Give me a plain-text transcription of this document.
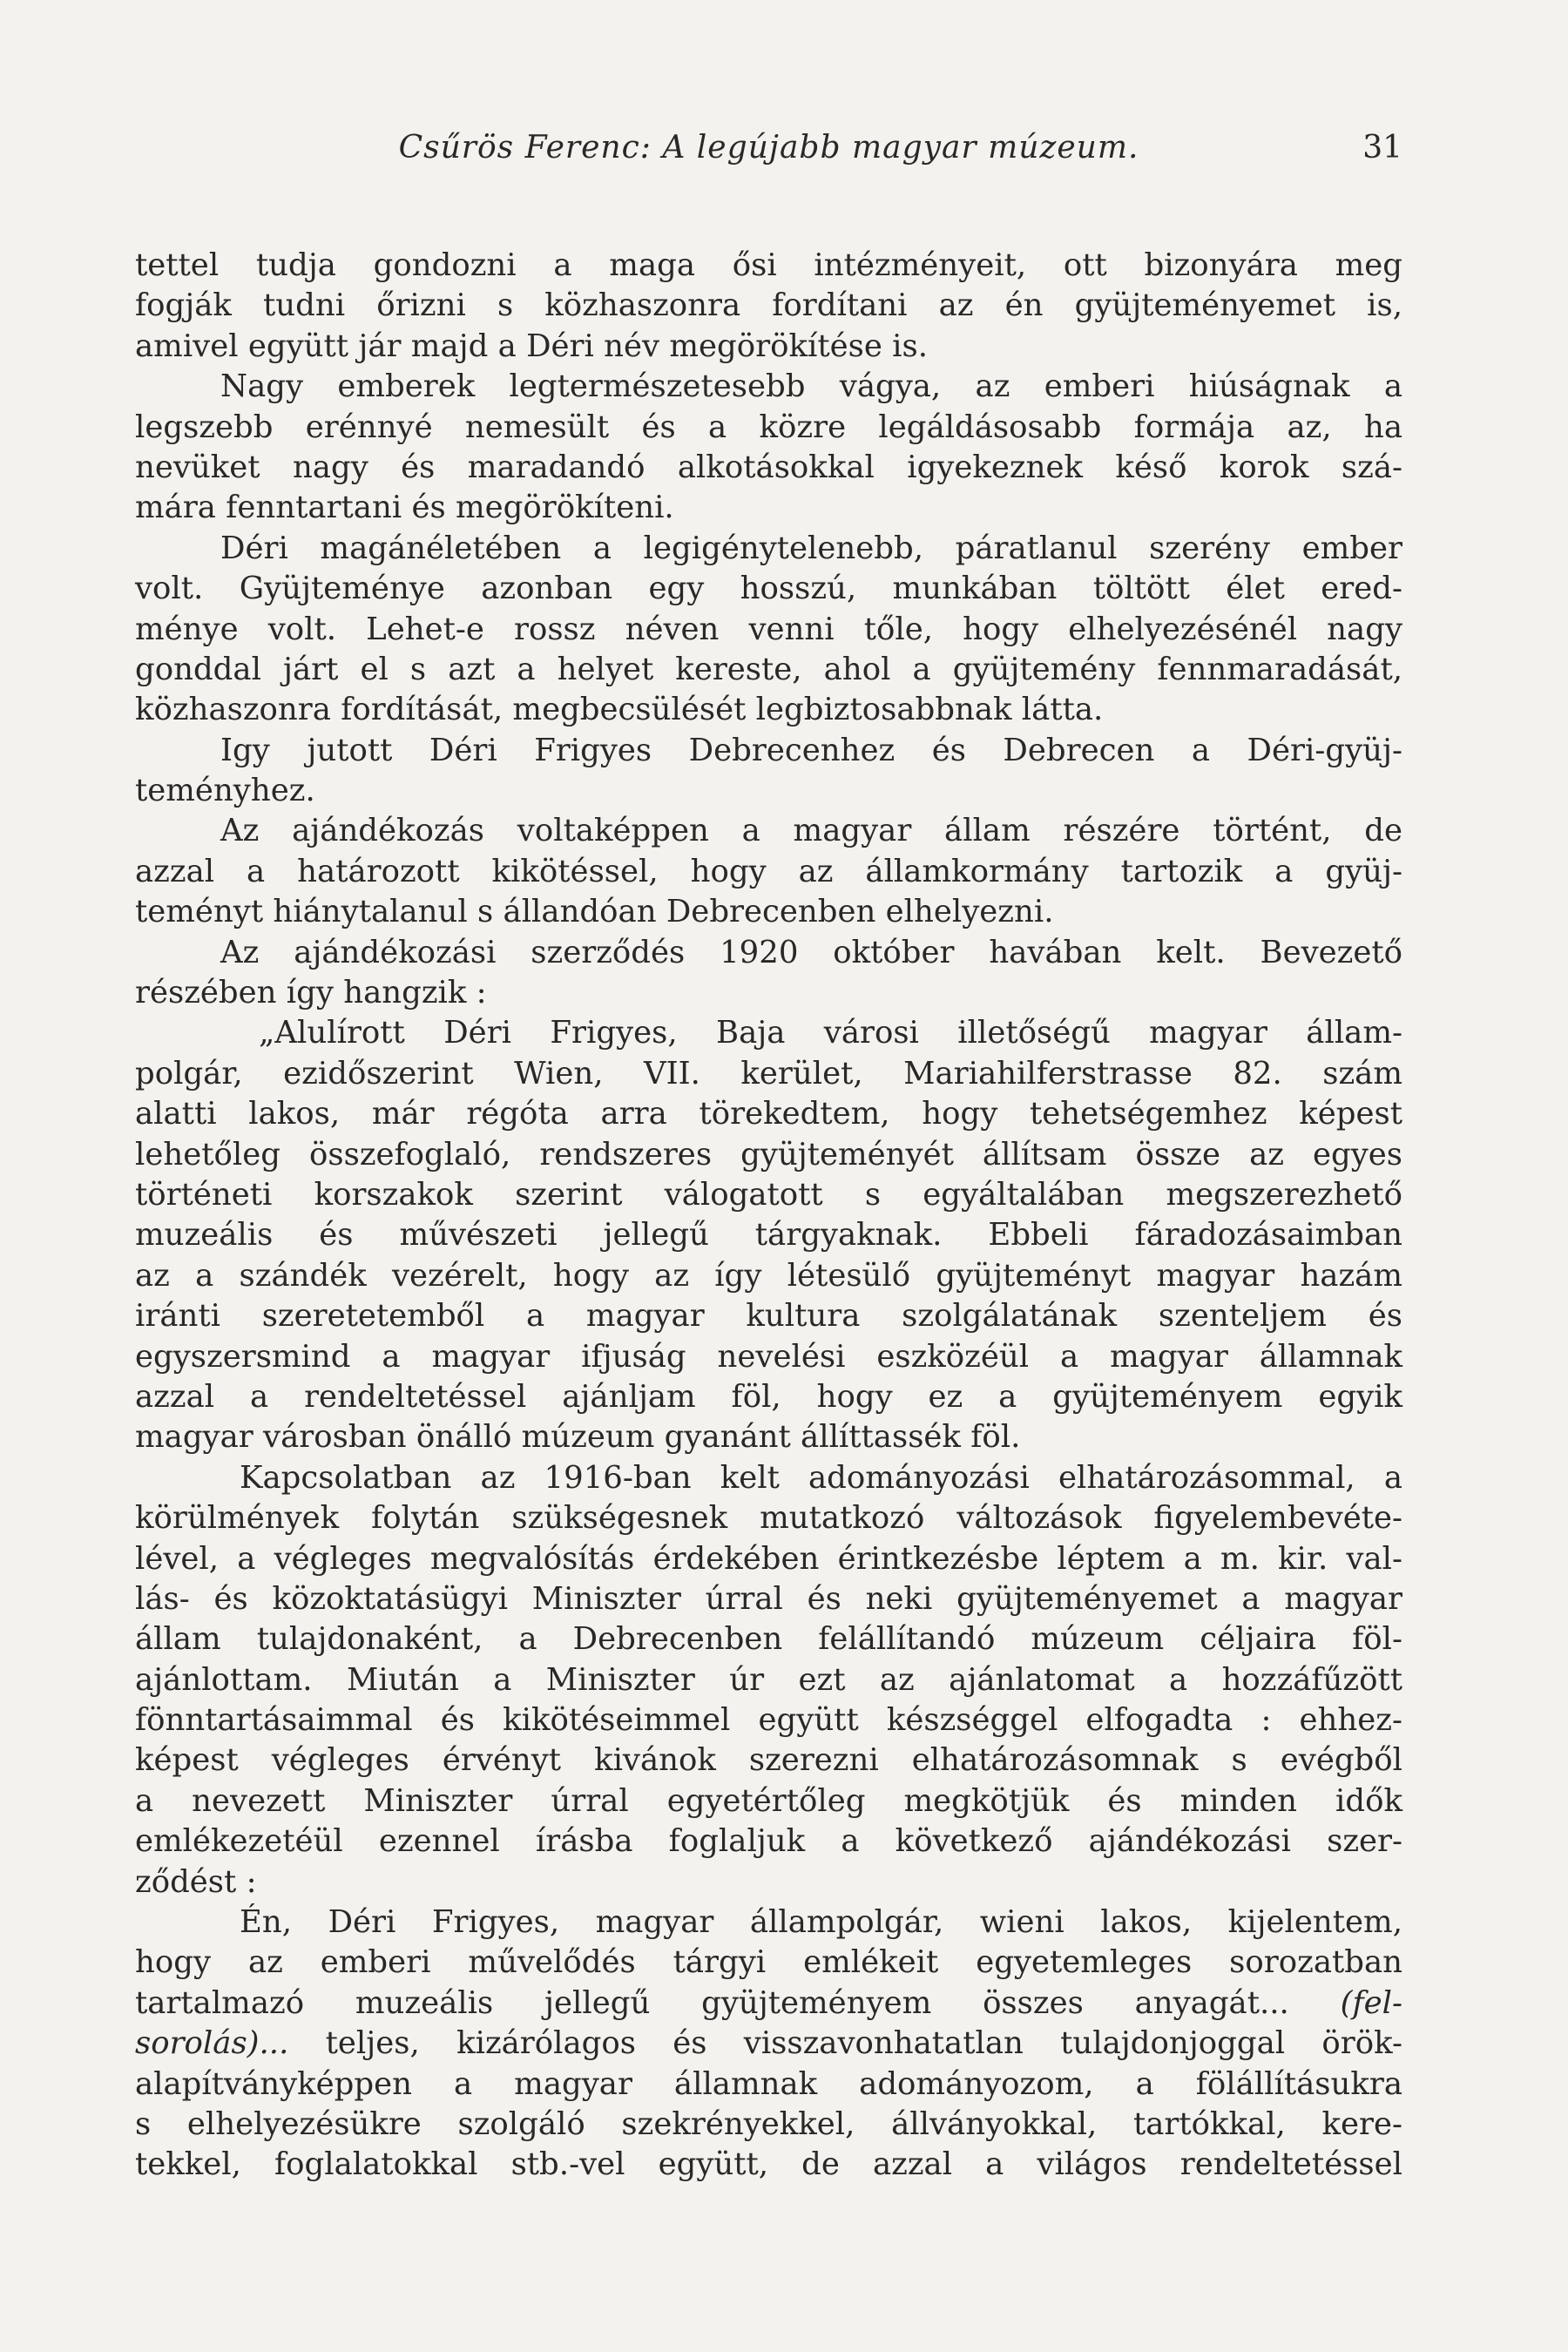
Csűrös Ferenc: A legújabb magyar múzeum.	31
tettel tudja gondozni a maga ősi intézményeit, ott bizonyára meg
fogják tudni őrizni s közhaszonra fordítani az én gyüjteményemet is,
amivel együtt jár majd a Déri név megörökítése is.
Nagy emberek legtermészetesebb vágya, az emberi hiúságnak a
legszebb erénnyé nemesült és a közre legáldásosabb formája az, ha
nevüket nagy és maradandó alkotásokkal igyekeznek késő korok szá-
mára fenntartani és megörökíteni.
Déri magánéletében a legigénytelenebb, páratlanul szerény ember
volt. Gyüjteménye azonban egy hosszú, munkában töltött élet ered-
ménye volt. Lehet-e rossz néven venni tőle, hogy elhelyezésénél nagy
gonddal járt el s azt a helyet kereste, ahol a gyüjtemény fennmaradását,
közhaszonra fordítását, megbecsülését legbiztosabbnak látta.
Igy jutott Déri Frigyes Debrecenhez és Debrecen a Déri-gyüj-
teményhez.
Az ajándékozás voltaképpen a magyar állam részére történt, de
azzal a határozott kikötéssel, hogy az államkormány tartozik a gyüj-
teményt hiánytalanul s állandóan Debrecenben elhelyezni.
Az ajándékozási szerződés 1920 október havában kelt. Bevezető
részében így hangzik :
„Alulírott Déri Frigyes, Baja városi illetőségű magyar állam-
polgár, ezidőszerint Wien, VII. kerület, Mariahilferstrasse 82. szám
alatti lakos, már régóta arra törekedtem, hogy tehetségemhez képest
lehetőleg összefoglaló, rendszeres gyüjteményét állítsam össze az egyes
történeti korszakok szerint válogatott s egyáltalában megszerezhető
muzeális és művészeti jellegű tárgyaknak. Ebbeli fáradozásaimban
az a szándék vezérelt, hogy az így létesülő gyüjteményt magyar hazám
iránti szeretetemből a magyar kultura szolgálatának szenteljem és
egyszersmind a magyar ifjuság nevelési eszközéül a magyar államnak
azzal a rendeltetéssel ajánljam föl, hogy ez a gyüjteményem egyik
magyar városban önálló múzeum gyanánt állíttassék föl.
Kapcsolatban az 1916-ban kelt adományozási elhatározásommal, a
körülmények folytán szükségesnek mutatkozó változások figyelembevéte-
lével, a végleges megvalósítás érdekében érintkezésbe léptem a m. kir. val-
lás- és közoktatásügyi Miniszter úrral és neki gyüjteményemet a magyar
állam tulajdonaként, a Debrecenben felállítandó múzeum céljaira föl-
ajánlottam. Miután a Miniszter úr ezt az ajánlatomat a hozzáfűzött
fönntartásaimmal és kikötéseimmel együtt készséggel elfogadta : ehhez-
képest végleges érvényt kivánok szerezni elhatározásomnak s evégből
a nevezett Miniszter úrral egyetértőleg megkötjük és minden idők
emlékezetéül ezennel írásba foglaljuk a következő ajándékozási szer-
ződést :
Én, Déri Frigyes, magyar állampolgár, wieni lakos, kijelentem,
hogy az emberi művelődés tárgyi emlékeit egyetemleges sorozatban
tartalmazó muzeális jellegű gyüjteményem összes anyagát... (fel-
sorolás)... teljes, kizárólagos és visszavonhatatlan tulajdonjoggal örök-
alapítványképpen a magyar államnak adományozom, a fölállításukra
s elhelyezésükre szolgáló szekrényekkel, állványokkal, tartókkal, kere-
tekkel, foglalatokkal stb.-vel együtt, de azzal a világos rendeltetéssel
